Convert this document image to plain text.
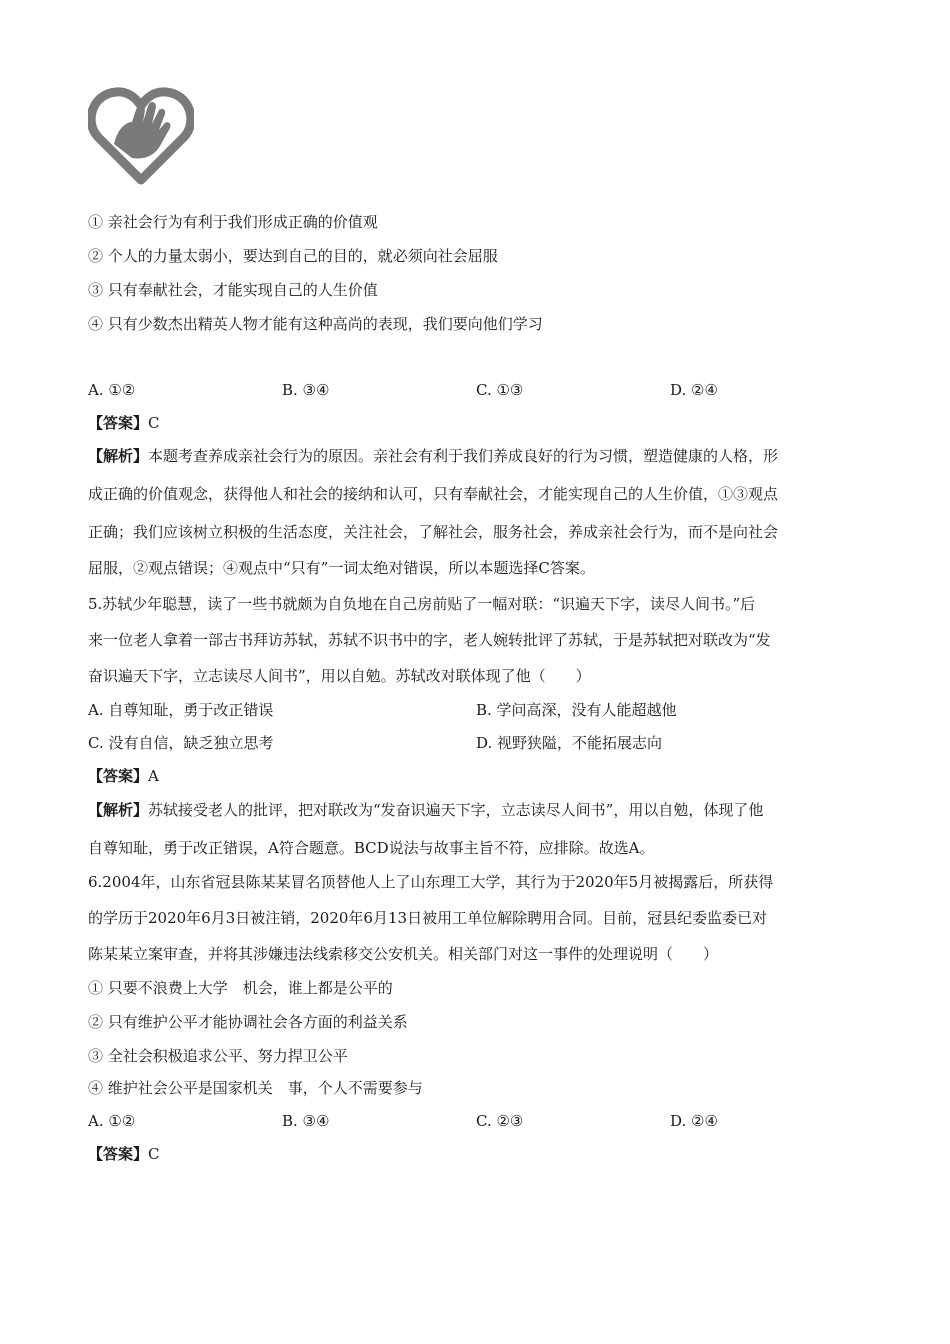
① 亲社会行为有利于我们形成正确的价值观
② 个人的力量太弱小，要达到自己的目的，就必须向社会屈服
③ 只有奉献社会，才能实现自己的人生价值
④ 只有少数杰出精英人物才能有这种高尚的表现，我们要向他们学习
A. ①②	B. ③④	C. ①③	D. ②④
【答案】C
【解析】本题考查养成亲社会行为的原因。亲社会有利于我们养成良好的行为习惯，塑造健康的人格，形
成正确的价值观念，获得他人和社会的接纳和认可，只有奉献社会，才能实现自己的人生价值，①③观点
正确；我们应该树立积极的生活态度，关注社会，了解社会，服务社会，养成亲社会行为，而不是向社会
屈服，②观点错误；④观点中“只有”一词太绝对错误，所以本题选择C答案。
5.苏轼少年聪慧，读了一些书就颇为自负地在自己房前贴了一幅对联：“识遍天下字，读尽人间书。”后
来一位老人拿着一部古书拜访苏轼，苏轼不识书中的字，老人婉转批评了苏轼，于是苏轼把对联改为“发
奋识遍天下字，立志读尽人间书”，用以自勉。苏轼改对联体现了他（　　）
A. 自尊知耻，勇于改正错误	B. 学问高深，没有人能超越他
C. 没有自信，缺乏独立思考	D. 视野狭隘，不能拓展志向
【答案】A
【解析】苏轼接受老人的批评，把对联改为“发奋识遍天下字，立志读尽人间书”，用以自勉，体现了他
自尊知耻，勇于改正错误，A符合题意。BCD说法与故事主旨不符，应排除。故选A。
6.2004年，山东省冠县陈某某冒名顶替他人上了山东理工大学，其行为于2020年5月被揭露后，所获得
的学历于2020年6月3日被注销，2020年6月13日被用工单位解除聘用合同。目前，冠县纪委监委已对
陈某某立案审查，并将其涉嫌违法线索移交公安机关。相关部门对这一事件的处理说明（　　）
① 只要不浪费上大学　机会，谁上都是公平的
② 只有维护公平才能协调社会各方面的利益关系
③ 全社会积极追求公平、努力捍卫公平
④ 维护社会公平是国家机关　事，个人不需要参与
A. ①②	B. ③④	C. ②③	D. ②④
【答案】C
